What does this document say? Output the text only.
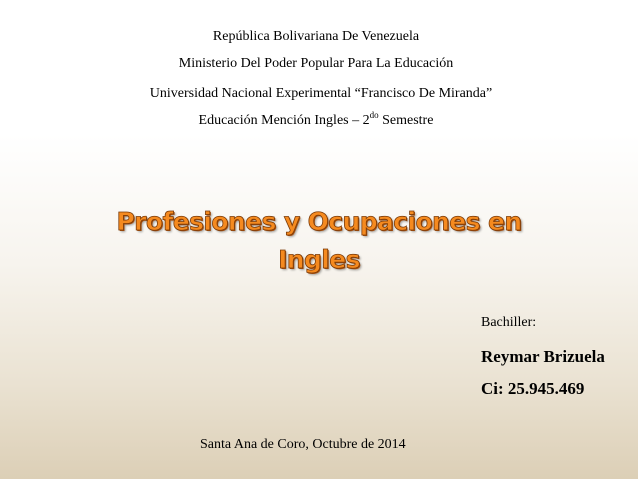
República Bolivariana De Venezuela
Ministerio Del Poder Popular Para La Educación
Universidad Nacional Experimental “Francisco De Miranda”
Educación Mención Ingles – $2^{do}$ Semestre
Profesiones y Ocupaciones en
Ingles

Bachiller:

Reymar Brizuela

Ci: 25.945.469

Santa Ana de Coro, Octubre de 2014
